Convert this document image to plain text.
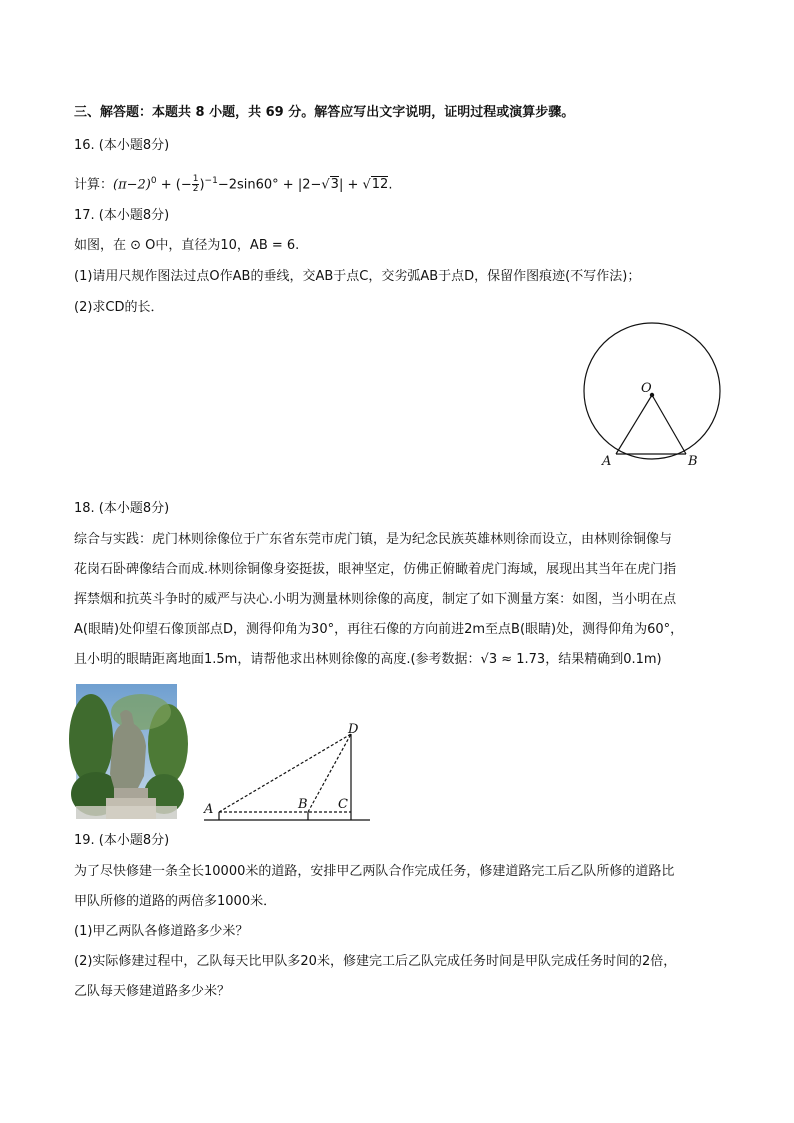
三、解答题：本题共 8 小题，共 69 分。解答应写出文字说明，证明过程或演算步骤。
16. (本小题8分)
计算：$(\pi-2)^0$ + (− $\frac{1}{2} )^{-1}-2\sin 60^\circ + |2-√3| + √12$.
17. (本小题8分)
如图，在 ⊙ O中，直径为10，AB = 6.
(1)请用尺规作图法过点O作AB的垂线，交AB于点C，交劣弧AB于点D，保留作图痕迹(不写作法)；
(2)求CD的长．
O
A	B
18. (本小题8分)
综合与实践：虎门林则徐像位于广东省东莞市虎门镇，是为纪念民族英雄林则徐而设立，由林则徐铜像与
花岗石卧碑像结合而成.林则徐铜像身姿挺拔，眼神坚定，仿佛正俯瞰着虎门海域，展现出其当年在虎门指
挥禁烟和抗英斗争时的威严与决心.小明为测量林则徐像的高度，制定了如下测量方案：如图，当小明在点
A(眼睛)处仰望石像顶部点D，测得仰角为30°，再往石像的方向前进2m至点B(眼睛)处，测得仰角为60°，
且小明的眼睛距离地面1.5m，请帮他求出林则徐像的高度.(参考数据：√3 ≈ 1.73，结果精确到0.1m)
A	B C
D
19. (本小题8分)
为了尽快修建一条全长10000米的道路，安排甲乙两队合作完成任务，修建道路完工后乙队所修的道路比
甲队所修的道路的两倍多1000米．
(1)甲乙两队各修道路多少米？
(2)实际修建过程中，乙队每天比甲队多20米，修建完工后乙队完成任务时间是甲队完成任务时间的2倍，
乙队每天修建道路多少米？
